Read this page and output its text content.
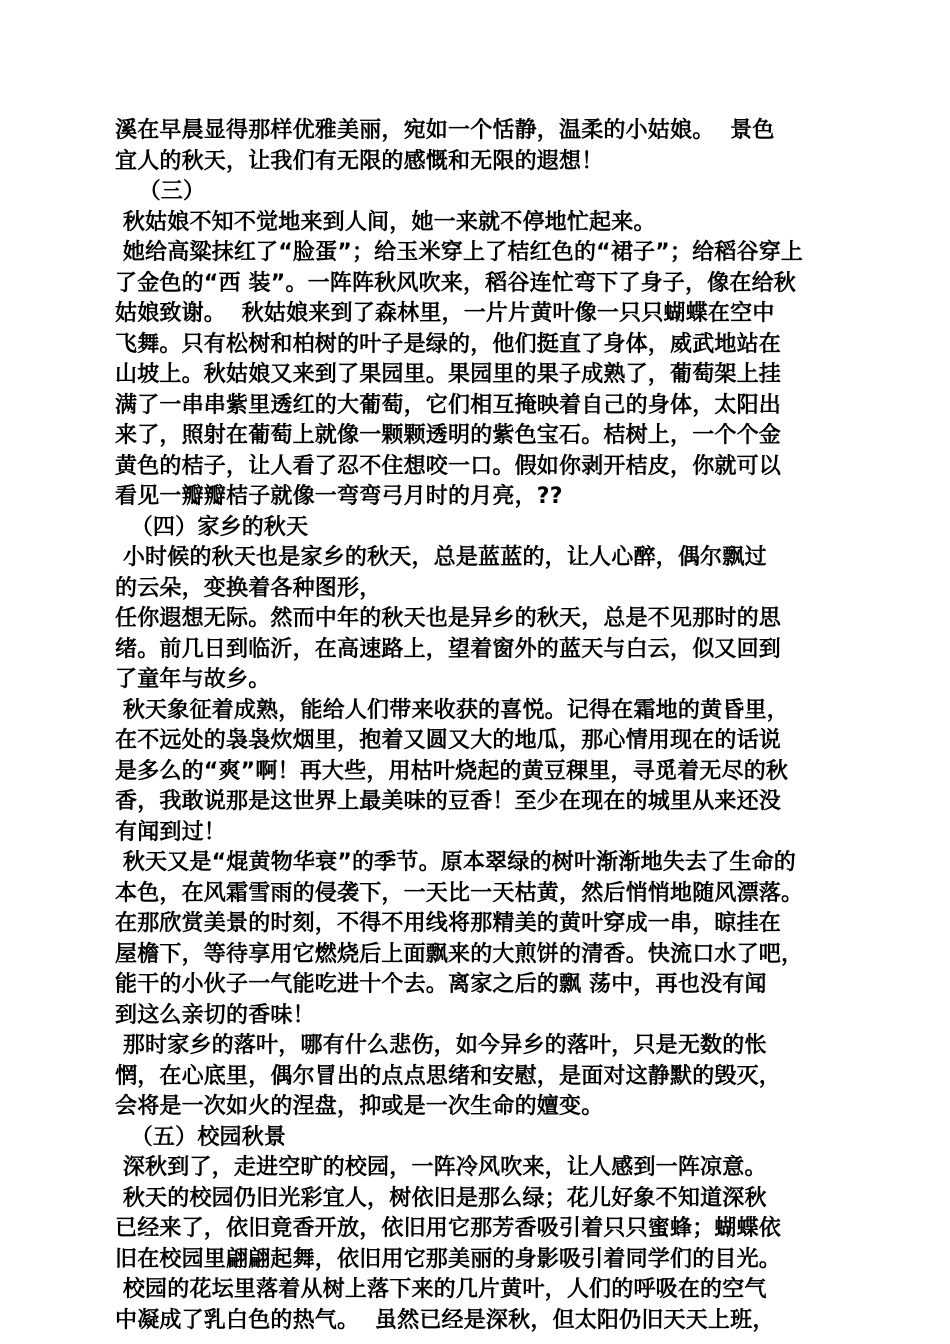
溪在早晨显得那样优雅美丽，宛如一个恬静，温柔的小姑娘。  景色
宜人的秋天，让我们有无限的感慨和无限的遐想！
（三）
秋姑娘不知不觉地来到人间，她一来就不停地忙起来。
她给高粱抹红了“脸蛋”；给玉米穿上了桔红色的“裙子”；给稻谷穿上
了金色的“西 装”。一阵阵秋风吹来，稻谷连忙弯下了身子，像在给秋
姑娘致谢。  秋姑娘来到了森林里，一片片黄叶像一只只蝴蝶在空中
飞舞。只有松树和柏树的叶子是绿的，他们挺直了身体，威武地站在
山坡上。秋姑娘又来到了果园里。果园里的果子成熟了，葡萄架上挂
满了一串串紫里透红的大葡萄，它们相互掩映着自己的身体，太阳出
来了，照射在葡萄上就像一颗颗透明的紫色宝石。桔树上，一个个金
黄色的桔子，让人看了忍不住想咬一口。假如你剥开桔皮，你就可以
看见一瓣瓣桔子就像一弯弯弓月时的月亮，??
（四）家乡的秋天
小时候的秋天也是家乡的秋天，总是蓝蓝的，让人心醉，偶尔飘过
的云朵，变换着各种图形，
任你遐想无际。然而中年的秋天也是异乡的秋天，总是不见那时的思
绪。前几日到临沂，在高速路上，望着窗外的蓝天与白云，似又回到
了童年与故乡。
秋天象征着成熟，能给人们带来收获的喜悦。记得在霜地的黄昏里，
在不远处的袅袅炊烟里，抱着又圆又大的地瓜，那心情用现在的话说
是多么的“爽”啊！再大些，用枯叶烧起的黄豆稞里，寻觅着无尽的秋
香，我敢说那是这世界上最美味的豆香！至少在现在的城里从来还没
有闻到过！
秋天又是“焜黄物华衰”的季节。原本翠绿的树叶渐渐地失去了生命的
本色，在风霜雪雨的侵袭下，一天比一天枯黄，然后悄悄地随风漂落。
在那欣赏美景的时刻，不得不用线将那精美的黄叶穿成一串，晾挂在
屋檐下，等待享用它燃烧后上面飘来的大煎饼的清香。快流口水了吧，
能干的小伙子一气能吃进十个去。离家之后的飘 荡中，再也没有闻
到这么亲切的香味！
那时家乡的落叶，哪有什么悲伤，如今异乡的落叶，只是无数的怅
惘，在心底里，偶尔冒出的点点思绪和安慰，是面对这静默的毁灭，
会将是一次如火的涅盘，抑或是一次生命的嬗变。
（五）校园秋景
深秋到了，走进空旷的校园，一阵冷风吹来，让人感到一阵凉意。
秋天的校园仍旧光彩宜人，树依旧是那么绿；花儿好象不知道深秋
已经来了，依旧竟香开放，依旧用它那芳香吸引着只只蜜蜂；蝴蝶依
旧在校园里翩翩起舞，依旧用它那美丽的身影吸引着同学们的目光。
校园的花坛里落着从树上落下来的几片黄叶，人们的呼吸在的空气
中凝成了乳白色的热气。  虽然已经是深秋，但太阳仍旧天天上班，
